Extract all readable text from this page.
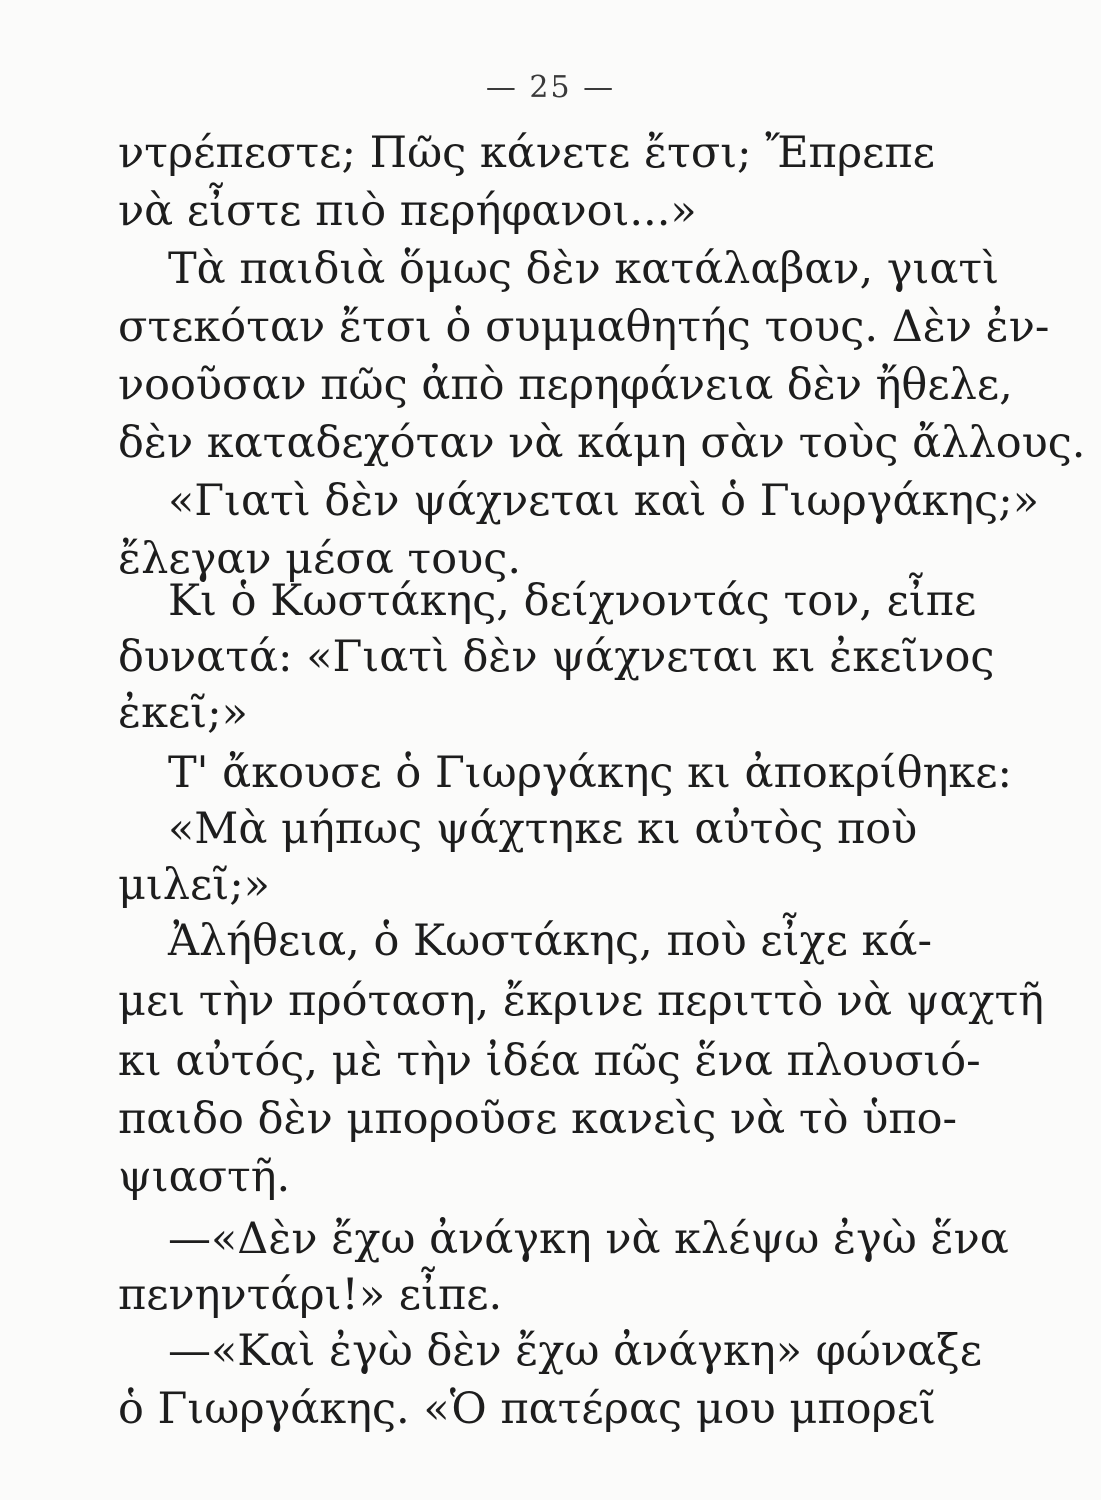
— 25 —
ντρέπεστε; Πῶς κάνετε ἔτσι; Ἔπρεπε
νὰ εἶστε πιὸ περήφανοι...»
Τὰ παιδιὰ ὅμως δὲν κατάλαβαν, γιατὶ
στεκόταν ἔτσι ὁ συμμαθητής τους. Δὲν ἐν-
νοοῦσαν πῶς ἀπὸ περηφάνεια δὲν ἤθελε,
δὲν καταδεχόταν νὰ κάμη σὰν τοὺς ἄλλους.
«Γιατὶ δὲν ψάχνεται καὶ ὁ Γιωργάκης;»
ἔλεγαν μέσα τους.
Κι ὁ Κωστάκης, δείχνοντάς τον, εἶπε
δυνατά: «Γιατὶ δὲν ψάχνεται κι ἐκεῖνος
ἐκεῖ;»
Τ' ἄκουσε ὁ Γιωργάκης κι ἀποκρίθηκε:
«Μὰ μήπως ψάχτηκε κι αὐτὸς ποὺ
μιλεῖ;»
Ἀλήθεια, ὁ Κωστάκης, ποὺ εἶχε κά-
μει τὴν πρόταση, ἔκρινε περιττὸ νὰ ψαχτῆ
κι αὐτός, μὲ τὴν ἰδέα πῶς ἕνα πλουσιό-
παιδο δὲν μποροῦσε κανεὶς νὰ τὸ ὑπο-
ψιαστῆ.
—«Δὲν ἔχω ἀνάγκη νὰ κλέψω ἐγὼ ἕνα
πενηντάρι!» εἶπε.
—«Καὶ ἐγὼ δὲν ἔχω ἀνάγκη» φώναξε
ὁ Γιωργάκης. «Ὁ πατέρας μου μπορεῖ
